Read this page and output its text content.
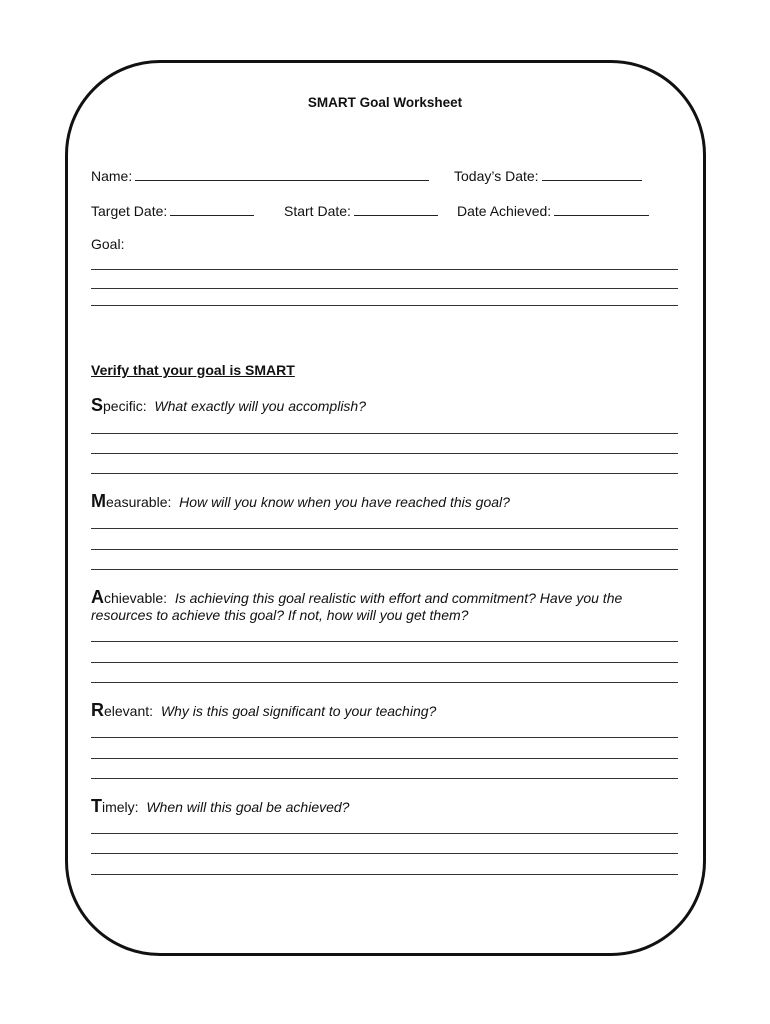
SMART Goal Worksheet
Name:	Today’s Date:
Target Date:	Start Date:	Date Achieved:
Goal:
Verify that your goal is SMART
Specific: What exactly will you accomplish?
Measurable: How will you know when you have reached this goal?
Achievable: Is achieving this goal realistic with effort and commitment? Have you the resources to achieve this goal? If not, how will you get them?
Relevant: Why is this goal significant to your teaching?
Timely: When will this goal be achieved?
